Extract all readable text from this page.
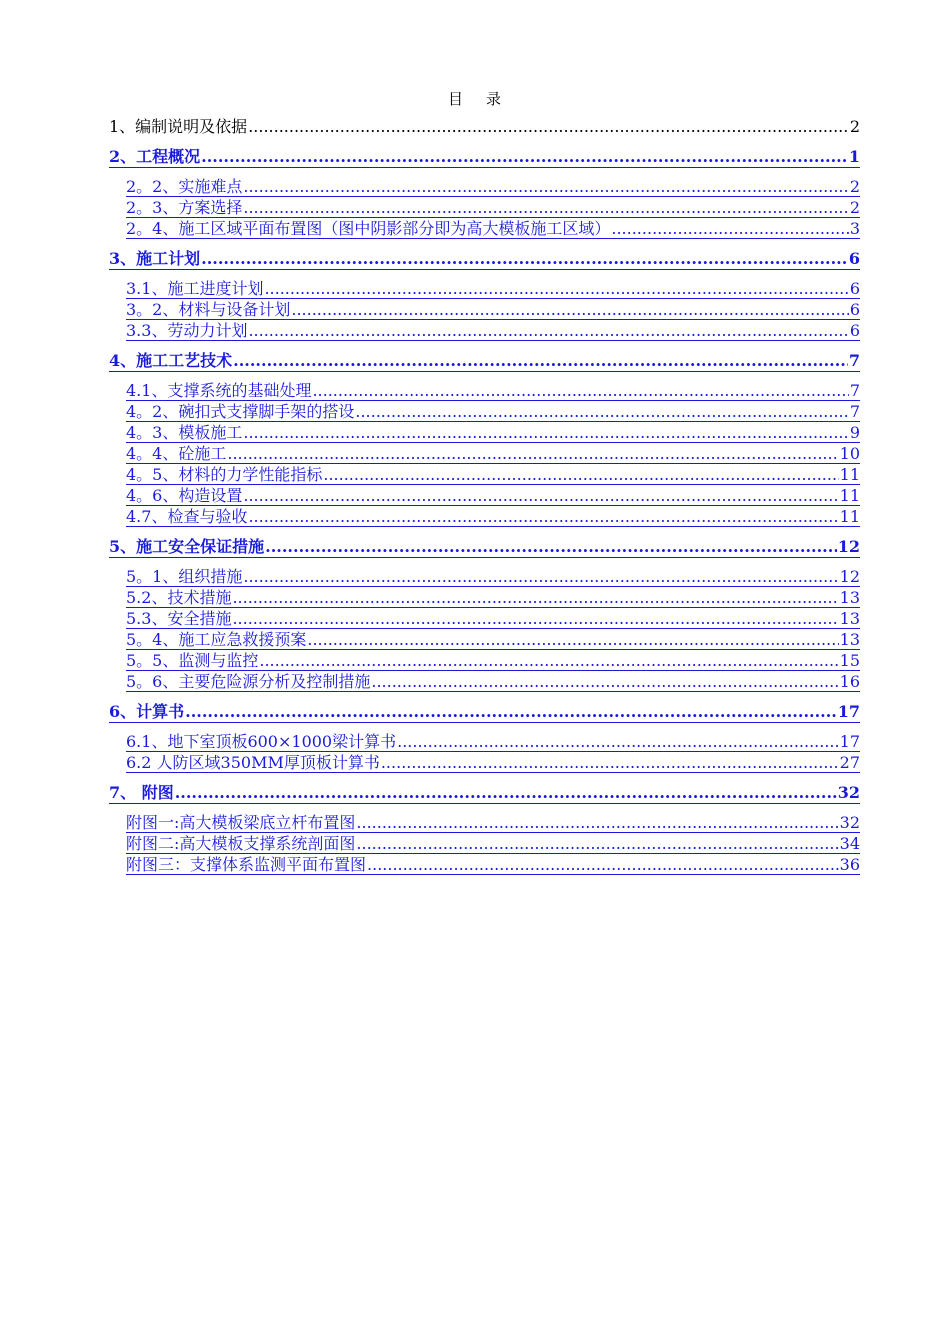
目 录
1、编制说明及依据 .....	2
2、工程概况 .....	1
2。2、实施难点 .....	2
2。3、方案选择 .....	2
2。4、施工区域平面布置图（图中阴影部分即为高大模板施工区域） .....	3
3、施工计划 .....	6
3.1、施工进度计划 .....	6
3。2、材料与设备计划 .....	6
3.3、劳动力计划 .....	6
4、施工工艺技术 .....	7
4.1、支撑系统的基础处理 .....	7
4。2、碗扣式支撑脚手架的搭设 .....	7
4。3、模板施工 .....	9
4。4、砼施工 .....	10
4。5、材料的力学性能指标 .....	11
4。6、构造设置 .....	11
4.7、检查与验收 .....	11
5、施工安全保证措施 .....	12
5。1、组织措施 .....	12
5.2、技术措施 .....	13
5.3、安全措施 .....	13
5。4、施工应急救援预案 .....	13
5。5、监测与监控 .....	15
5。6、主要危险源分析及控制措施 .....	16
6、计算书 .....	17
6.1、地下室顶板600×1000梁计算书 .....	17
6.2 人防区域350MM厚顶板计算书 .....	27
7、 附图 .....	32
附图一:高大模板梁底立杆布置图 .....	32
附图二:高大模板支撑系统剖面图 .....	34
附图三：支撑体系监测平面布置图 .....	36
